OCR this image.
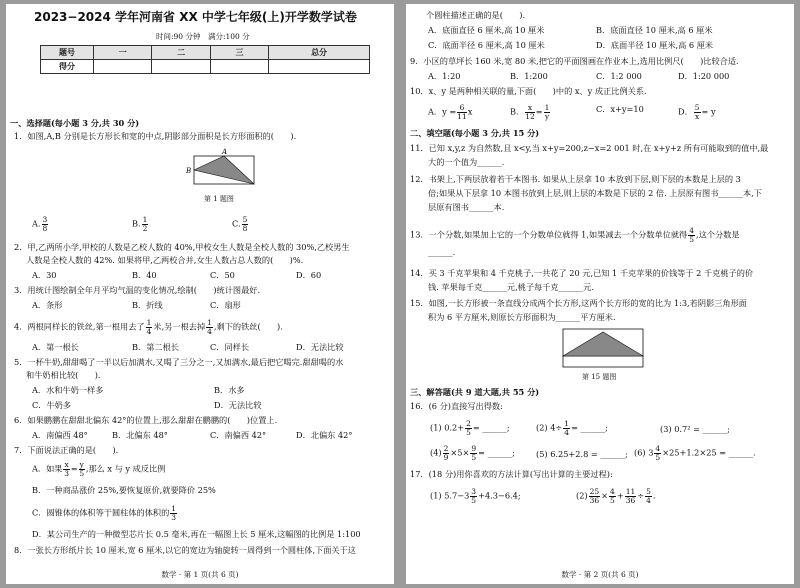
2023−2024 学年河南省 XX 中学七年级(上)开学数学试卷
时间:90 分钟　满分:100 分
题号	一	二	三	总分
得分				
一、选择题(每小题 3 分,共 30 分)
1．如图,A,B 分别是长方形长和宽的中点,阴影部分面积是长方形面积的(　　).
A
B
第 1 题图
A. $\frac{3}{8}$	B. $\frac{1}{2}$	C. $\frac{5}{8}$
2．甲,乙两所小学,甲校的人数是乙校人数的 40%,甲校女生人数是全校人数的 30%,乙校男生
人数是全校人数的 42%. 如果将甲,乙两校合并,女生人数占总人数的(　　)%.
A．30	B．40	C．50	D．60
3．用统计图绘制全年月平均气温的变化情况,绘制(　　)统计图最好.
A．条形	B．折线	C．扇形
4．两根同样长的铁丝,第一根用去了 $\frac{1}{4}$ 米,另一根去掉 $\frac{1}{4}$ ,剩下的铁丝(　　).
A．第一根长	B．第二根长	C．同样长	D．无法比较
5．一杯牛奶,甜甜喝了一半以后加满水,又喝了三分之一,又加满水,最后把它喝完.甜甜喝的水
和牛奶相比较(　　).
A．水和牛奶一样多	B．水多
C．牛奶多	D．无法比较
6．如果鹏鹏在甜甜北偏东 42°的位置上,那么甜甜在鹏鹏的(　　)位置上.
A．南偏西 48°	B．北偏东 48°	C．南偏西 42°	D．北偏东 42°
7．下面说法正确的是(　　).
A．如果 $\frac{x}{3} = \frac{y}{5}$ ,那么 x 与 y 成反比例
B．一种商品涨价 25%,要恢复原价,就要降价 25%
C．圆锥体的体积等于圆柱体的体积的 $\frac{1}{3}$
D．某公司生产的一种微型芯片长 0.5 毫米,再在一幅图上长 5 厘米,这幅图的比例是 1:100
8．一张长方形纸片长 10 厘米,宽 6 厘米,以它的宽边为轴旋转一周得到一个圆柱体,下面关于这
数学 · 第 1 页(共 6 页)
个圆柱描述正确的是(　　).
A．底面直径 6 厘米,高 10 厘米	B．底面直径 10 厘米,高 6 厘米
C．底面半径 6 厘米,高 10 厘米	D．底面半径 10 厘米,高 6 厘米
9．小区的草坪长 160 米,宽 80 米,把它的平面图画在作业本上,选用比例尺(　　)比较合适.
A．1:20	B．1:200	C．1:2 000	D．1:20 000
10．x、y 是两种相关联的量,下面(　　)中的 x、y 成正比例关系.
A．$y = \frac{6}{11}$ x	B． $\frac{x}{12} = \frac{1}{y}$	C．x+y=10	D． $\frac{5}{x} = y$
二、填空题(每小题 3 分,共 15 分)
11．已知 x,y,z 为自然数,且 x<y,当 x+y=200,z−x=2 001 时,在 x+y+z 所有可能取到的值中,最
大的一个值为______.
12．书架上,下两层放着若干本图书. 如果从上层拿 10 本放到下层,则下层的本数是上层的 3
倍;如果从下层拿 10 本图书放到上层,则上层的本数是下层的 2 倍. 上层原有图书______本,下
层原有图书______本.
13．一个分数,如果加上它的一个分数单位就得 1,如果减去一个分数单位就得 $\frac{4}{5}$ ,这个分数是
______.
14．买 3 千克苹果和 4 千克桃子,一共花了 20 元,已知 1 千克苹果的价钱等于 2 千克桃子的价
钱. 苹果每千克______元,桃子每千克______元.
15．如图,一长方形被一条直线分成两个长方形,这两个长方形的宽的比为 1:3,若阴影三角形面
积为 6 平方厘米,则原长方形面积为______平方厘米.
第 15 题图
三、解答题(共 9 道大题,共 55 分)
16．(6 分)直接写出得数:
(1) $0.2+ \frac{2}{5}$ = ______;	(2) $4\div \frac{1}{4}$ = ______;	(3) 0.7² = ______;
$(4) \frac{2}{9} \times 5\times \frac{9}{5}$ = ______;	(5) 6.25+2.8 = ______; (6) $3 \frac{4}{5} \times 25+1.2\times 25$ = ______.
17．(18 分)用你喜欢的方法计算(写出计算的主要过程):
(1) $5.7-3 \frac{3}{5} +4.3-6.4$;	$(2) \frac{25}{36} \times \frac{4}{5} + \frac{11}{36} \div \frac{5}{4}$ .
数学 · 第 2 页(共 6 页)
